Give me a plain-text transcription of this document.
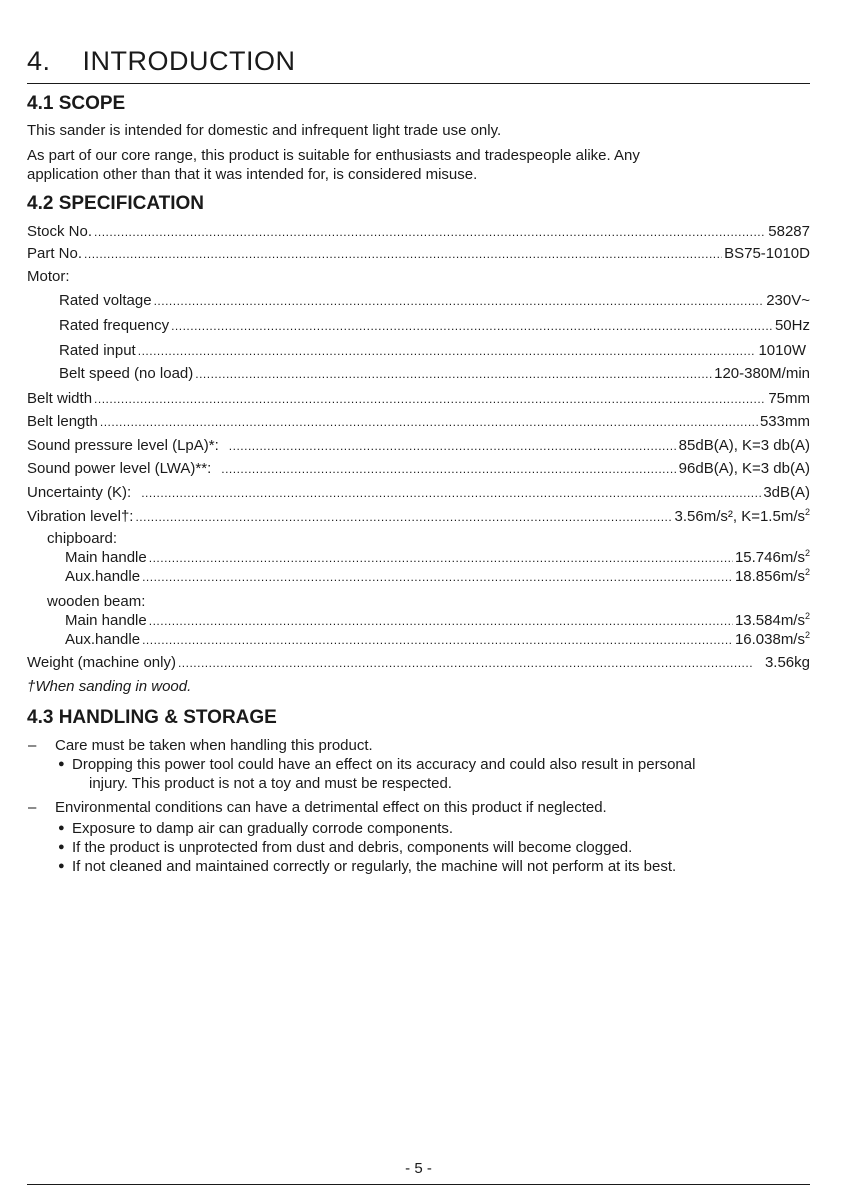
4. INTRODUCTION
4.1 SCOPE

This sander is intended for domestic and infrequent light trade use only.

As part of our core range, this product is suitable for enthusiasts and tradespeople alike. Any

application other than that it was intended for, is considered misuse.

4.2 SPECIFICATION
Stock No. .....	58287
Part No. .....	BS75-1010D
Motor:
Rated voltage .....	230V~
Rated frequency .....	50Hz
Rated input .....	1010W
Belt speed (no load) .....	120-380M/min
Belt width .....	75mm
Belt length .....	533mm
Sound pressure level (LpA)*: .....	85dB(A), K=3 db(A)
Sound power level (LWA)**: .....	96dB(A), K=3 db(A)
Uncertainty (K): .....	3dB(A)
Vibration level†: .....	3.56m/s², $K=1.5m/s^2$
chipboard:
Main handle .....	$15.746m/s^2$
Aux.handle .....	$18.856m/s^2$
wooden beam:
Main handle .....	$13.584m/s^2$
Aux.handle .....	$16.038m/s^2$
Weight (machine only) .....	3.56kg
†When sanding in wood.
4.3 HANDLING & STORAGE
– Care must be taken when handling this product.
● Dropping this power tool could have an effect on its accuracy and could also result in personal
injury. This product is not a toy and must be respected.
– Environmental conditions can have a detrimental effect on this product if neglected.
● Exposure to damp air can gradually corrode components.
● If the product is unprotected from dust and debris, components will become clogged.
● If not cleaned and maintained correctly or regularly, the machine will not perform at its best.
- 5 -
